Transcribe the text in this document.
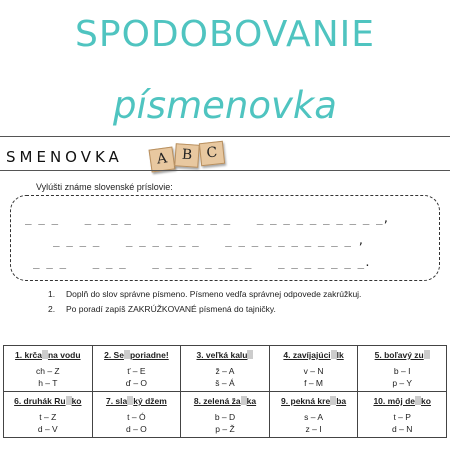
SPODOBOVANIE
písmenovka
SMENOVKA	A B C
Vylúšti známe slovenské príslovie:
_ _ _    _ _ _ _    _ _ _ _ _ _    _ _ _ _ _ _ _ _ _ _,
_ _ _ _    _ _ _ _ _ _    _ _ _ _ _ _ _ _ _ _ ,
_ _ _    _ _ _    _ _ _ _ _ _ _ _    _ _ _ _ _ _ _.
1. Doplň do slov správne písmeno. Písmeno vedľa správnej odpovede zakrúžkuj.
2. Po poradí zapíš ZAKRÚŽKOVANÉ písmená do tajničky.
1. krča na vodu
ch – Z
h – T	2. Se poriadne!
ť – E
ď – O	3. veľká kalu
ž – A
š – Á	4. zavíjajúci lk
v – N
f – M	5. boľavý zu
b – I
p – Y

6. druhák Ru ko
t – Z
d – V	7. sla ký džem
t – Ó
d – O	8. zelená ža ka
b – D
p – Ž	9. pekná kre ba
s – A
z – I	10. môj de ko
t – P
d – N
